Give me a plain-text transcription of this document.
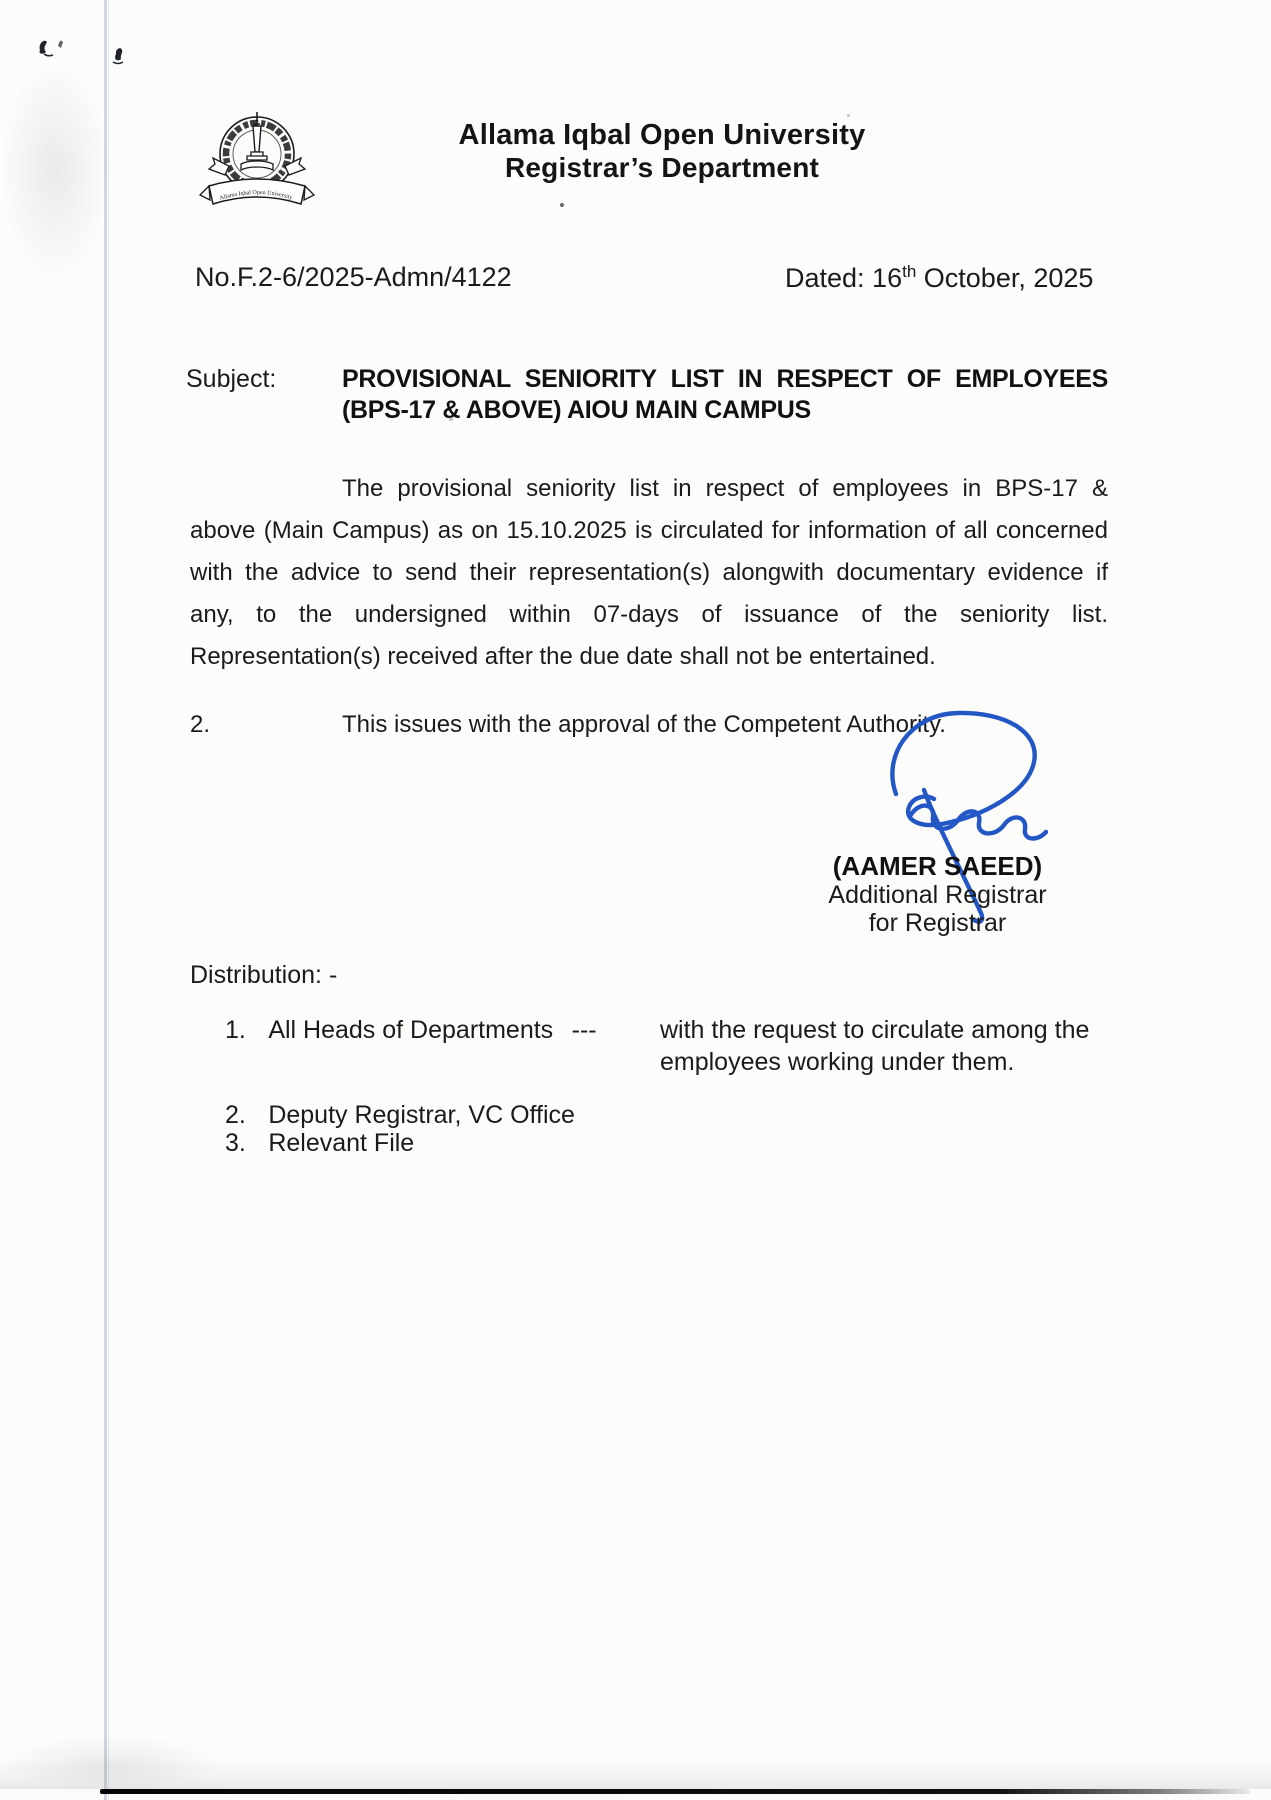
Allama Iqbal Open University
Allama Iqbal Open University
Registrar’s Department
No.F.2-6/2025-Admn/4122	Dated: 16th October, 2025
Subject:	PROVISIONAL SENIORITY LIST IN RESPECT OF EMPLOYEES
(BPS-17 & ABOVE) AIOU MAIN CAMPUS
The provisional seniority list in respect of employees in BPS-17 &
above (Main Campus) as on 15.10.2025 is circulated for information of all concerned
with the advice to send their representation(s) alongwith documentary evidence if
any, to the undersigned within 07-days of issuance of the seniority list.
Representation(s) received after the due date shall not be entertained.
2.	This issues with the approval of the Competent Authority.
(AAMER SAEED)
Additional Registrar
for Registrar
Distribution: -
1. All Heads of Departments ---	with the request to circulate among the
employees working under them.
2. Deputy Registrar, VC Office
3. Relevant File
